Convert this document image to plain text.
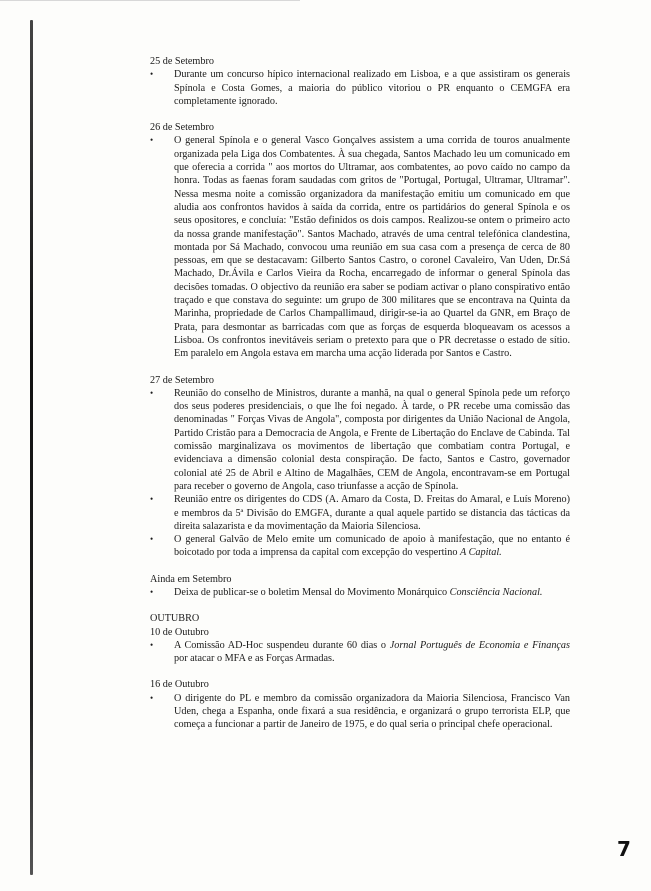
25 de Setembro

• Durante um concurso hípico internacional realizado em Lisboa, e a que assistiram os generais Spínola e Costa Gomes, a maioria do público vitoriou o PR enquanto o CEMGFA era completamente ignorado.

26 de Setembro

• O general Spínola e o general Vasco Gonçalves assistem a uma corrida de touros anualmente organizada pela Liga dos Combatentes. À sua chegada, Santos Machado leu um comunicado em que oferecia a corrida " aos mortos do Ultramar, aos combatentes, ao povo caído no campo da honra. Todas as faenas foram saudadas com gritos de "Portugal, Portugal, Ultramar, Ultramar". Nessa mesma noite a comissão organizadora da manifestação emitiu um comunicado em que aludia aos confrontos havidos à saída da corrida, entre os partidários do general Spínola e os seus opositores, e concluía: "Estão definidos os dois campos. Realizou-se ontem o primeiro acto da nossa grande manifestação". Santos Machado, através de uma central telefónica clandestina, montada por Sá Machado, convocou uma reunião em sua casa com a presença de cerca de 80 pessoas, em que se destacavam: Gilberto Santos Castro, o coronel Cavaleiro, Van Uden, Dr.Sá Machado, Dr.Ávila e Carlos Vieira da Rocha, encarregado de informar o general Spínola das decisões tomadas. O objectivo da reunião era saber se podiam activar o plano conspirativo então traçado e que constava do seguinte: um grupo de 300 militares que se encontrava na Quinta da Marinha, propriedade de Carlos Champallimaud, dirigir-se-ia ao Quartel da GNR, em Braço de Prata, para desmontar as barricadas com que as forças de esquerda bloqueavam os acessos a Lisboa. Os confrontos inevitáveis seriam o pretexto para que o PR decretasse o estado de sítio. Em paralelo em Angola estava em marcha uma acção liderada por Santos e Castro.

27 de Setembro

• Reunião do conselho de Ministros, durante a manhã, na qual o general Spínola pede um reforço dos seus poderes presidenciais, o que lhe foi negado. À tarde, o PR recebe uma comissão das denominadas " Forças Vivas de Angola", composta por dirigentes da União Nacional de Angola, Partido Cristão para a Democracia de Angola, e Frente de Libertação do Enclave de Cabinda. Tal comissão marginalizava os movimentos de libertação que combatiam contra Portugal, e evidenciava a dimensão colonial desta conspiração. De facto, Santos e Castro, governador colonial até 25 de Abril e Altino de Magalhães, CEM de Angola, encontravam-se em Portugal para receber o governo de Angola, caso triunfasse a acção de Spínola.
• Reunião entre os dirigentes do CDS (A. Amaro da Costa, D. Freitas do Amaral, e Luís Moreno) e membros da 5ª Divisão do EMGFA, durante a qual aquele partido se distancia das tácticas da direita salazarista e da movimentação da Maioria Silenciosa.
• O general Galvão de Melo emite um comunicado de apoio à manifestação, que no entanto é boicotado por toda a imprensa da capital com excepção do vespertino A Capital.

Ainda em Setembro

• Deixa de publicar-se o boletim Mensal do Movimento Monárquico Consciência Nacional.

OUTUBRO

10 de Outubro

• A Comissão AD-Hoc suspendeu durante 60 dias o Jornal Português de Economia e Finanças por atacar o MFA e as Forças Armadas.

16 de Outubro

• O dirigente do PL e membro da comissão organizadora da Maioria Silenciosa, Francisco Van Uden, chega a Espanha, onde fixará a sua residência, e organizará o grupo terrorista ELP, que começa a funcionar a partir de Janeiro de 1975, e do qual seria o principal chefe operacional.
7
